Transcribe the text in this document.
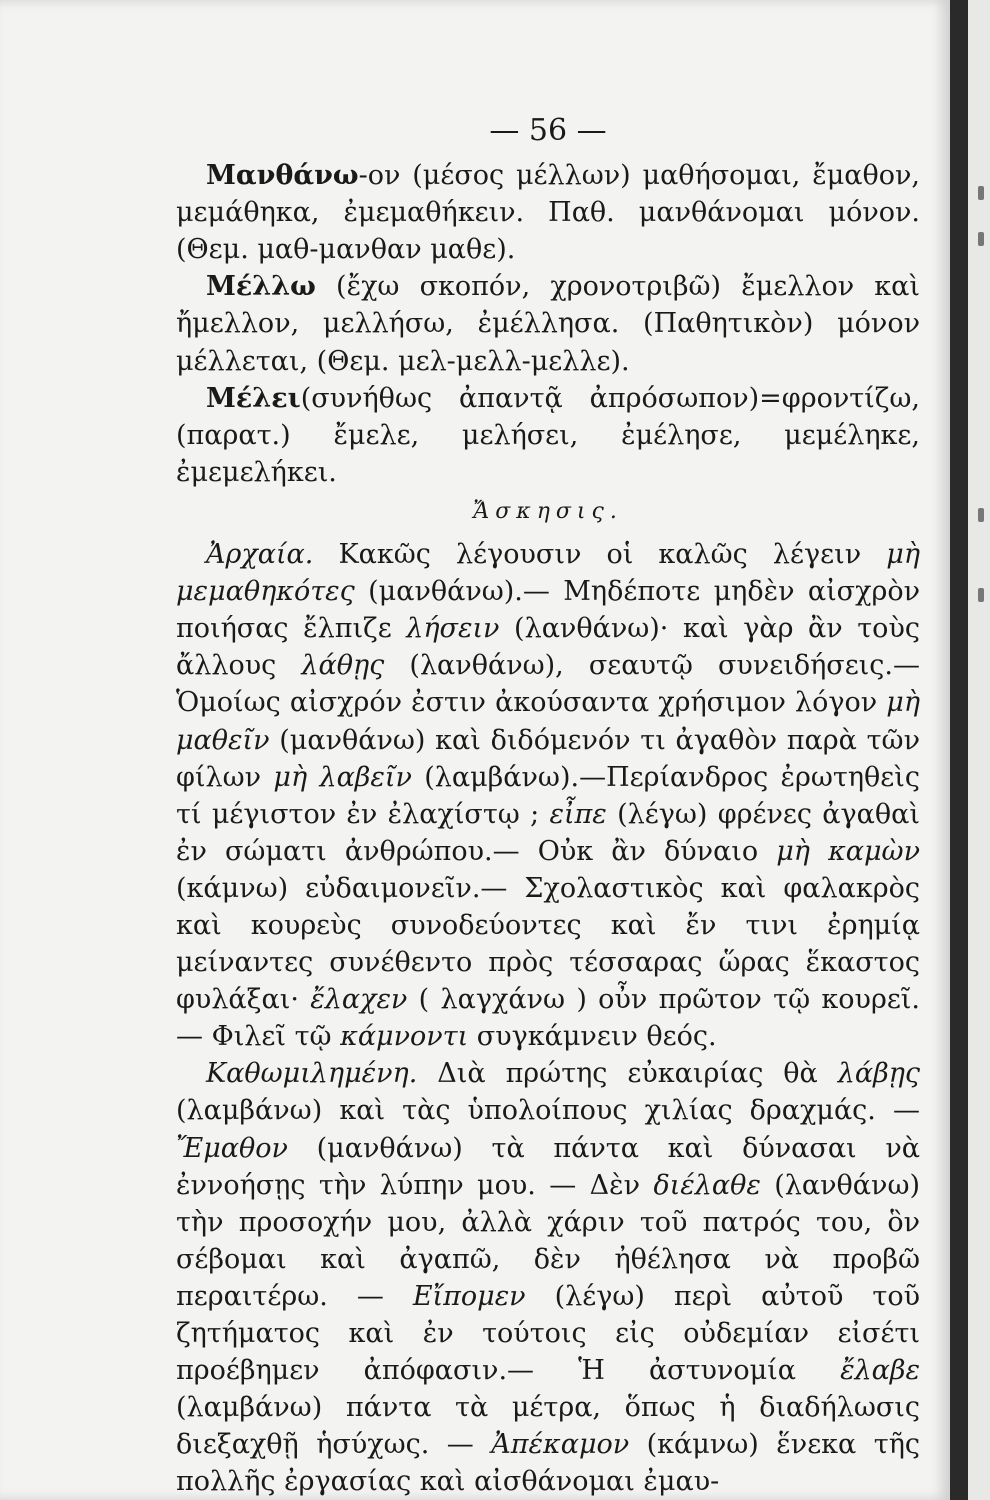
— 56 —

Μανθάνω-ον (μέσος μέλλων) μαθήσομαι, ἔμαθον, μεμάθηκα, ἐμεμαθήκειν. Παθ. μανθάνομαι μόνον. (Θεμ. μαθ-μανθαν μαθε).

Μέλλω (ἔχω σκοπόν, χρονοτριβῶ) ἔμελλον καὶ ἤμελλον, μελλήσω, ἐμέλλησα. (Παθητικὸν) μόνον μέλλεται, (Θεμ. μελ-μελλ-μελλε).

Μέλει(συνήθως ἀπαντᾷ ἀπρόσωπον)=φροντίζω,(παρατ.) ἔμελε, μελήσει, ἐμέλησε, μεμέληκε, ἐμεμελήκει.

Ἄσκησις.

Ἀρχαία. Κακῶς λέγουσιν οἱ καλῶς λέγειν μὴ μεμαθηκότες (μανθάνω).— Μηδέποτε μηδὲν αἰσχρὸν ποιήσας ἔλπιζε λήσειν (λανθάνω)· καὶ γὰρ ἂν τοὺς ἄλλους λάθῃς (λανθάνω), σεαυτῷ συνειδήσεις.— Ὁμοίως αἰσχρόν ἐστιν ἀκούσαντα χρήσιμον λόγον μὴ μαθεῖν (μανθάνω) καὶ διδόμενόν τι ἀγαθὸν παρὰ τῶν φίλων μὴ λαβεῖν (λαμβάνω).—Περίανδρος ἐρωτηθεὶς τί μέγιστον ἐν ἐλαχίστῳ ; εἶπε (λέγω) φρένες ἀγαθαὶ ἐν σώματι ἀνθρώπου.— Οὐκ ἂν δύναιο μὴ καμὼν (κάμνω) εὐδαιμονεῖν.— Σχολαστικὸς καὶ φαλακρὸς καὶ κουρεὺς συνοδεύοντες καὶ ἔν τινι ἐρημίᾳ μείναντες συνέθεντο πρὸς τέσσαρας ὥρας ἕκαστος φυλάξαι· ἔλαχεν ( λαγχάνω ) οὖν πρῶτον τῷ κουρεῖ. — Φιλεῖ τῷ κάμνοντι συγκάμνειν θεός.

Καθωμιλημένη. Διὰ πρώτης εὐκαιρίας θὰ λάβῃς (λαμβάνω) καὶ τὰς ὑπολοίπους χιλίας δραχμάς. —Ἔμαθον (μανθάνω) τὰ πάντα καὶ δύνασαι νὰ ἐννοήσῃς τὴν λύπην μου. — Δὲν διέλαθε (λανθάνω) τὴν προσοχήν μου, ἀλλὰ χάριν τοῦ πατρός του, ὃν σέβομαι καὶ ἀγαπῶ, δὲν ἠθέλησα νὰ προβῶ περαιτέρω. — Εἴπομεν (λέγω) περὶ αὐτοῦ τοῦ ζητήματος καὶ ἐν τούτοις εἰς οὐδεμίαν εἰσέτι προέβημεν ἀπόφασιν.— Ἡ ἀστυνομία ἔλαβε (λαμβάνω) πάντα τὰ μέτρα, ὅπως ἡ διαδήλωσις διεξαχθῇ ἡσύχως. — Ἀπέκαμον (κάμνω) ἕνεκα τῆς πολλῆς ἐργασίας καὶ αἰσθάνομαι ἐμαυ-
